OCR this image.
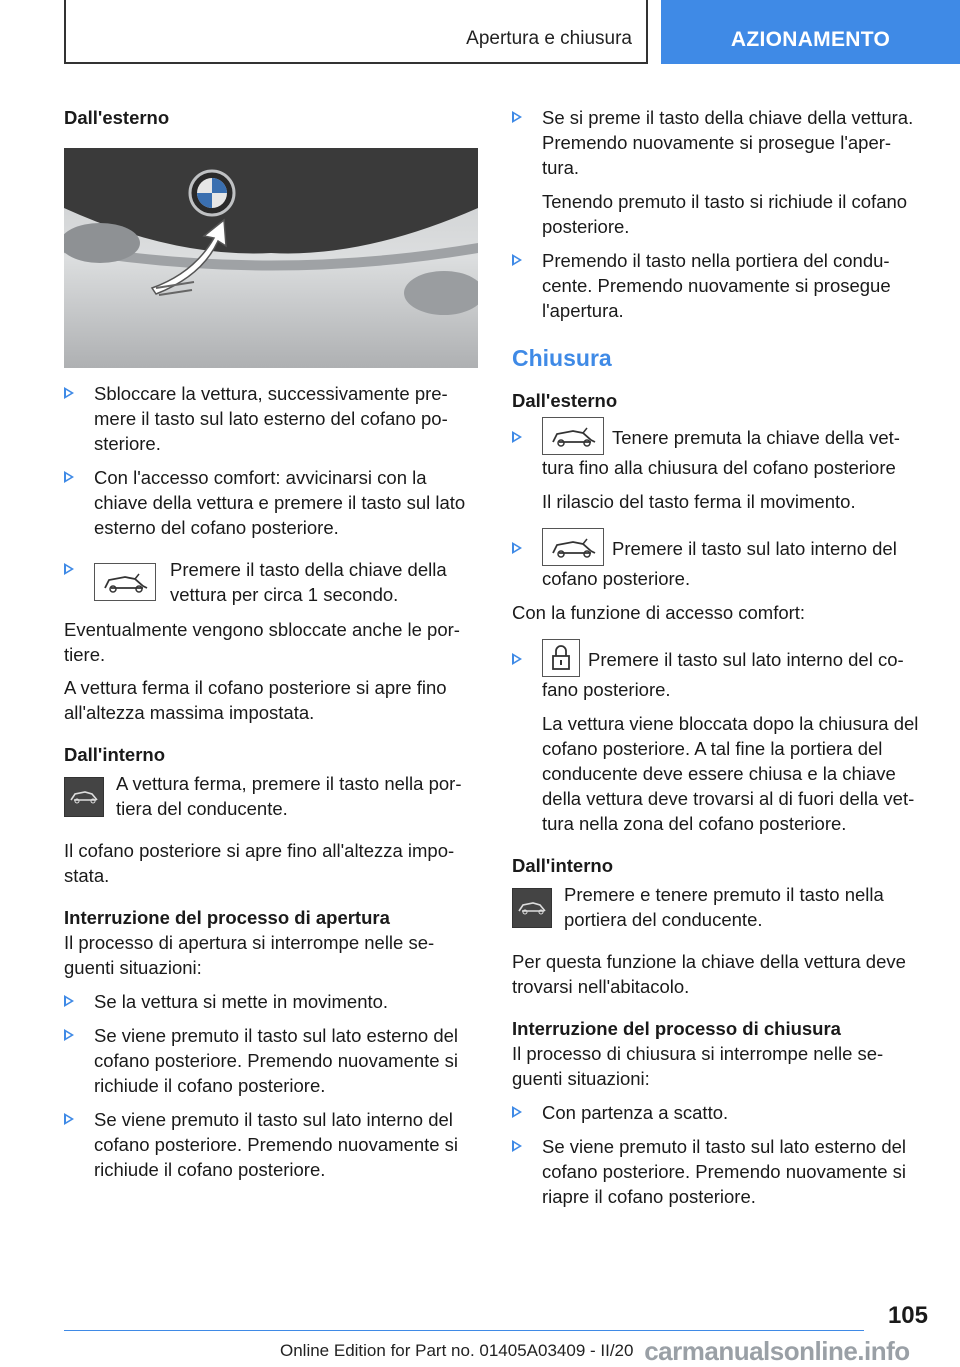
Apertura e chiusura	AZIONAMENTO
Dall'esterno
Sbloccare la vettura, successivamente pre-mere il tasto sul lato esterno del cofano po-steriore.
Con l'accesso comfort: avvicinarsi con la chiave della vettura e premere il tasto sul lato esterno del cofano posteriore.
Premere il tasto della chiave della vettura per circa 1 secondo.

Eventualmente vengono sbloccate anche le por-tiere.

A vettura ferma il cofano posteriore si apre fino all'altezza massima impostata.

Dall'interno
A vettura ferma, premere il tasto nella por-tiera del conducente.

Il cofano posteriore si apre fino all'altezza impo-stata.

Interruzione del processo di apertura

Il processo di apertura si interrompe nelle se-guenti situazioni:

Se la vettura si mette in movimento.
Se viene premuto il tasto sul lato esterno del cofano posteriore. Premendo nuovamente si richiude il cofano posteriore.
Se viene premuto il tasto sul lato interno del cofano posteriore. Premendo nuovamente si richiude il cofano posteriore.
Se si preme il tasto della chiave della vettura. Premendo nuovamente si prosegue l'aper-tura.

Tenendo premuto il tasto si richiude il cofano posteriore.

Premendo il tasto nella portiera del condu-cente. Premendo nuovamente si prosegue l'apertura.
Chiusura
Dall'esterno
Tenere premuta la chiave della vet-tura fino alla chiusura del cofano posteriore

Il rilascio del tasto ferma il movimento.

Premere il tasto sul lato interno del cofano posteriore.

Con la funzione di accesso comfort:

Premere il tasto sul lato interno del co-fano posteriore.

La vettura viene bloccata dopo la chiusura del cofano posteriore. A tal fine la portiera del conducente deve essere chiusa e la chiave della vettura deve trovarsi al di fuori della vet-tura nella zona del cofano posteriore.

Dall'interno
Premere e tenere premuto il tasto nella portiera del conducente.

Per questa funzione la chiave della vettura deve trovarsi nell'abitacolo.

Interruzione del processo di chiusura

Il processo di chiusura si interrompe nelle se-guenti situazioni:

Con partenza a scatto.
Se viene premuto il tasto sul lato esterno del cofano posteriore. Premendo nuovamente si riapre il cofano posteriore.
105
Online Edition for Part no. 01405A03409 - II/20 carmanualsonline.info
